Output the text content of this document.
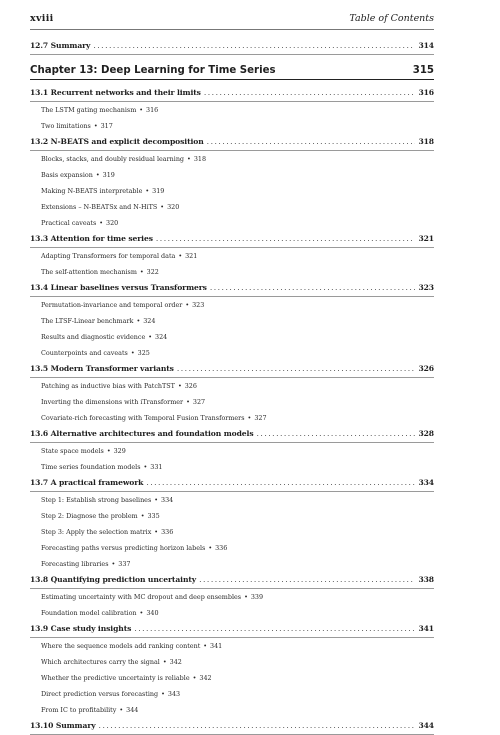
xviii	Table of Contents
12.7 Summary .....	314
Chapter 13: Deep Learning for Time Series	315
13.1 Recurrent networks and their limits .....	316
The LSTM gating mechanism • 316
Two limitations • 317
13.2 N-BEATS and explicit decomposition .....	318
Blocks, stacks, and doubly residual learning • 318
Basis expansion • 319
Making N-BEATS interpretable • 319
Extensions – N-BEATSx and N-HiTS • 320
Practical caveats • 320
13.3 Attention for time series .....	321
Adapting Transformers for temporal data • 321
The self-attention mechanism • 322
13.4 Linear baselines versus Transformers .....	323
Permutation-invariance and temporal order • 323
The LTSF-Linear benchmark • 324
Results and diagnostic evidence • 324
Counterpoints and caveats • 325
13.5 Modern Transformer variants .....	326
Patching as inductive bias with PatchTST • 326
Inverting the dimensions with iTransformer • 327
Covariate-rich forecasting with Temporal Fusion Transformers • 327
13.6 Alternative architectures and foundation models .....	328
State space models • 329
Time series foundation models • 331
13.7 A practical framework .....	334
Step 1: Establish strong baselines • 334
Step 2: Diagnose the problem • 335
Step 3: Apply the selection matrix • 336
Forecasting paths versus predicting horizon labels • 336
Forecasting libraries • 337
13.8 Quantifying prediction uncertainty .....	338
Estimating uncertainty with MC dropout and deep ensembles • 339
Foundation model calibration • 340
13.9 Case study insights .....	341
Where the sequence models add ranking content • 341
Which architectures carry the signal • 342
Whether the predictive uncertainty is reliable • 342
Direct prediction versus forecasting • 343
From IC to profitability • 344
13.10 Summary .....	344
